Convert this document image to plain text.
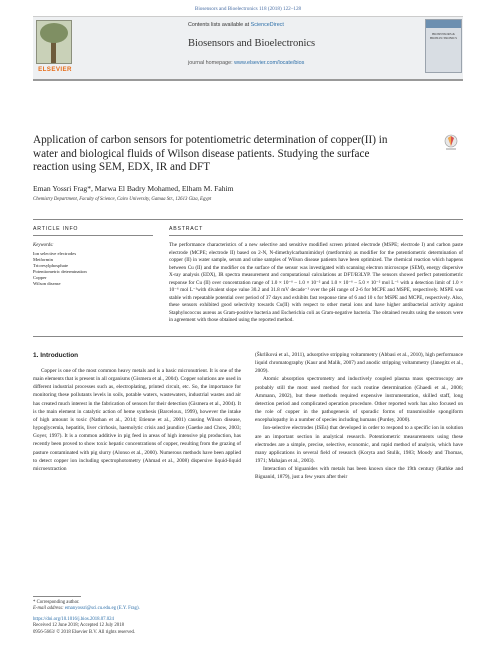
Biosensors and Bioelectronics 118 (2018) 122–128
ELSEVIER
Contents lists available at ScienceDirect
Biosensors and Bioelectronics
journal homepage: www.elsevier.com/locate/bios
BIOSENSORS & BIOELECTRONICS
Application of carbon sensors for potentiometric determination of copper(II) in water and biological fluids of Wilson disease patients. Studying the surface reaction using SEM, EDX, IR and DFT
Eman Yossri Frag*, Marwa El Badry Mohamed, Elham M. Fahim
Chemistry Department, Faculty of Science, Cairo University, Gamaa Str., 12613 Giza, Egypt
ARTICLE INFO	ABSTRACT
Keywords:
Ion selective electrodes
Metformin
Tricresylphosphate
Potentiometric determination
Copper
Wilson disease
The performance characteristics of a new selective and sensitive modified screen printed electrode (MSPE; electrode I) and carbon paste electrode (MCPE; electrode II) based on 2-N, N-dimethylcarbamimidoyl (metformin) as modifier for the potentiometric determination of copper (II) in water sample, serum and urine samples of Wilson disease patients have been optimized. The chemical reaction which happens between Cu (II) and the modifier on the surface of the sensor was investigated with scanning electron microscope (SEM), energy dispersive X-ray analysis (EDX), IR spectra measurement and computational calculations at DFT/B3LYP. The sensors showed perfect potentiometric response for Cu (II) over concentration range of 1.0 × 10⁻⁶ – 1.0 × 10⁻² and 1.0 × 10⁻⁶ – 5.0 × 10⁻² mol L⁻¹ with a detection limit of 1.0 × 10⁻⁶ mol L⁻¹with divalent slope value 30.2 and 31.8 mV decade⁻¹ over the pH range of 2-6 for MCPE and MSPE, respectively. MSPE was stable with repeatable potential over period of 37 days and exhibits fast response time of 6 and 10 s for MSPE and MCPE, respectively. Also, these sensors exhibited good selectivity towards Cu(II) with respect to other metal ions and have higher antibacterial activity against Staphylococcus aureus as Gram-positive bacteria and Escherichia coli as Gram-negative bacteria. The obtained results using the sensors were in agreement with those obtained using the reported method.
1. Introduction

Copper is one of the most common heavy metals and is a basic micronutrient. It is one of the main elements that is present in all organisms (Gismera et al., 2004). Copper solutions are used in different industrial processes such as, electroplating, printed circuit, etc. So, the importance for monitoring these pollutants levels in soils, potable waters, wastewaters, industrial wastes and air has created much interest in the fabrication of sensors for their detection (Gismera et al., 2004). It is the main element in catalytic action of heme synthesis (Barceloux, 1999), however the intake of high amount is toxic (Nathan et al., 2014; Etienne et al., 2001) causing Wilson disease, hypoglycemia, hepatitis, liver cirrhosis, haemolytic crisis and jaundice (Gaetke and Chow, 2003; Goyer, 1997). It is a common additive in pig feed in areas of high intensive pig production, has recently been proved to show toxic hepatic concentrations of copper, resulting from the grazing of pasture contaminated with pig slurry (Alonso et al., 2000). Numerous methods have been applied to detect copper ion including spectrophotometry (Ahmad et al., 2008) dispersive liquid-liquid microextraction

(Škrlíková et al., 2011), adsorptive stripping voltammetry (Abbasi et al., 2010), high performance liquid chromatography (Kaur and Malik, 2007) and anodic stripping voltammetry (Janegitz et al., 2009).

Atomic absorption spectrometry and inductively coupled plasma mass spectroscopy are probably still the most used method for such routine determination (Ghaedi et al., 2006; Ammann, 2002), but these methods required expensive instrumentation, skilled staff, long detection period and complicated operation procedure. Other reported work has also focused on the role of copper in the pathogenesis of sporadic forms of transmissible spongiform encephalopathy in a number of species including humans (Purdey, 2000).

Ion-selective electrodes (ISEs) that developed in order to respond to a specific ion in solution are an important section in analytical research. Potentiometric measurements using these electrodes are a simple, precise, selective, economic, and rapid method of analysis, which have many applications in several field of research (Koryta and Stulik, 1983; Moody and Thomas, 1971; Mahajan et al., 2003).

Interaction of biguanides with metals has been known since the 19th century (Rathke and Biguanid, 1879), just a few years after their

* Corresponding author.
E-mail address: emanyossri@sci.cu.edu.eg (E.Y. Frag).
https://doi.org/10.1016/j.bios.2018.07.024
Received 12 June 2018; Accepted 12 July 2018
0956-5663/ © 2018 Elsevier B.V. All rights reserved.
